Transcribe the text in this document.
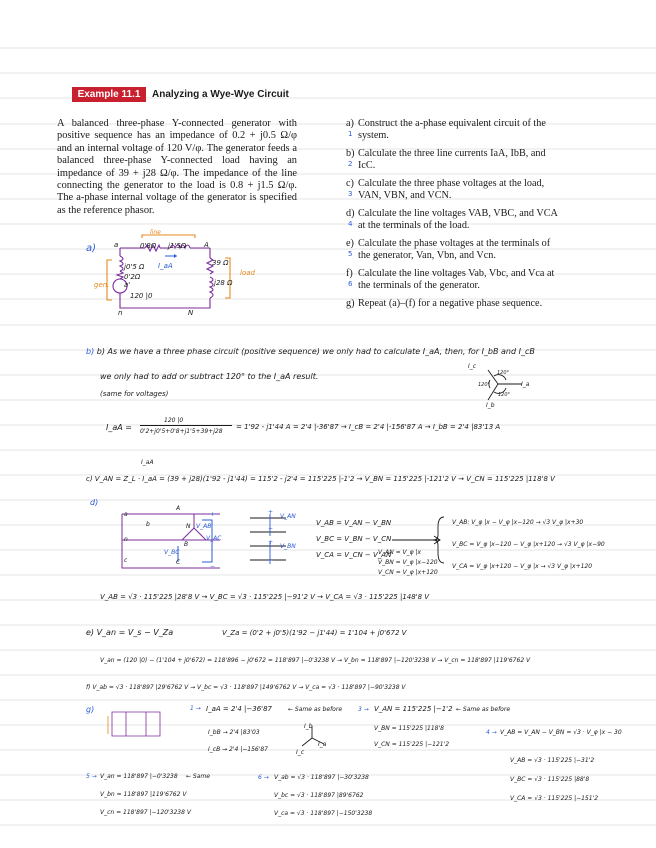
Example 11.1	Analyzing a Wye-Wye Circuit
A balanced three-phase Y-connected generator with positive sequence has an impedance of 0.2 + j0.5 Ω/φ and an internal voltage of 120 V/φ. The generator feeds a balanced three-phase Y-connected load having an impedance of 39 + j28 Ω/φ. The impedance of the line connecting the generator to the load is 0.8 + j1.5 Ω/φ. The a-phase internal voltage of the generator is specified as the reference phasor.
a)
1
Construct the a-phase equivalent circuit of the system.
b)
2
Calculate the three line currents IaA, IbB, and IcC.
c)
3
Calculate the three phase voltages at the load, VAN, VBN, and VCN.
d)
4
Calculate the line voltages VAB, VBC, and VCA at the terminals of the load.
e)
5
Calculate the phase voltages at the terminals of the generator, Van, Vbn, and Vcn.
f)
6
Calculate the line voltages Vab, Vbc, and Vca at the terminals of the generator.
g) Repeat (a)–(f) for a negative phase sequence.
a)
line
load
gen.
a	A
0'8Ω j1'5Ω
j0'5 Ω
0'2Ω
a'
120 |0
39 Ω
j28 Ω
I_aA
n	N
b) b) As we have a three phase circuit (positive sequence) we only had to calculate I_aA, then, for I_bB and I_cB
we only had to add or subtract 120° to the I_aA result.
(same for voltages)
I_c
I_a
I_b
120°
120°
120°
I_aA =
120 |0
0'2+j0'5+0'8+j1'5+39+j28
= 1'92 - j1'44 A = 2'4 |-36'87 → I_cB = 2'4 |-156'87 A → I_bB = 2'4 |83'13 A
I_aA
c) V_AN = Z_L · I_aA = (39 + j28)(1'92 - j1'44) = 115'2 - j2'4 = 115'225 |-1'2 → V_BN = 115'225 |-121'2 V → V_CN = 115'225 |118'8 V
d)
a
n
c
b
A
N
B
C
V_AB
V_BC
V_AC
+
−
V_AN
V_BN
+
−
+
−
V_AB = V_AN − V_BN
V_BC = V_BN − V_CN
V_CA = V_CN − V_AN
V_AN = V_φ |x
V_BN = V_φ |x−120
V_CN = V_φ |x+120
V_AB: V_φ |x − V_φ |x−120 → √3 V_φ |x+30
V_BC = V_φ |x−120 − V_φ |x+120 → √3 V_φ |x−90
V_CA = V_φ |x+120 − V_φ |x → √3 V_φ |x+120
V_AB = √3 · 115'225 |28'8 V → V_BC = √3 · 115'225 |−91'2 V → V_CA = √3 · 115'225 |148'8 V
e) V_an = V_s − V_Za	V_Za = (0'2 + j0'5)(1'92 − j1'44) = 1'104 + j0'672 V
V_an = (120 |0) − (1'104 + j0'672) = 118'896 − j0'672 = 118'897 |−0'3238 V → V_bn = 118'897 |−120'3238 V → V_cn = 118'897 |119'6762 V
f) V_ab = √3 · 118'897 |29'6762 V → V_bc = √3 · 118'897 |149'6762 V → V_ca = √3 · 118'897 |−90'3238 V
g)	1 → I_aA = 2'4 |−36'87	← Same as before	3 → V_AN = 115'225 |−1'2 ← Same as before
I_bB → 2'4 |83'03
I_cB → 2'4 |−156'87
I_b
I_a
I_c
V_BN = 115'225 |118'8
V_CN = 115'225 |−121'2
4 → V_AB = V_AN − V_BN = √3 · V_φ |x − 30
V_AB = √3 · 115'225 |−31'2
V_BC = √3 · 115'225 |88'8
V_CA = √3 · 115'225 |−151'2
5 → V_an = 118'897 |−0'3238 ← Same
V_bn = 118'897 |119'6762 V
V_cn = 118'897 |−120'3238 V
6 → V_ab = √3 · 118'897 |−30'3238
V_bc = √3 · 118'897 |89'6762
V_ca = √3 · 118'897 |−150'3238
